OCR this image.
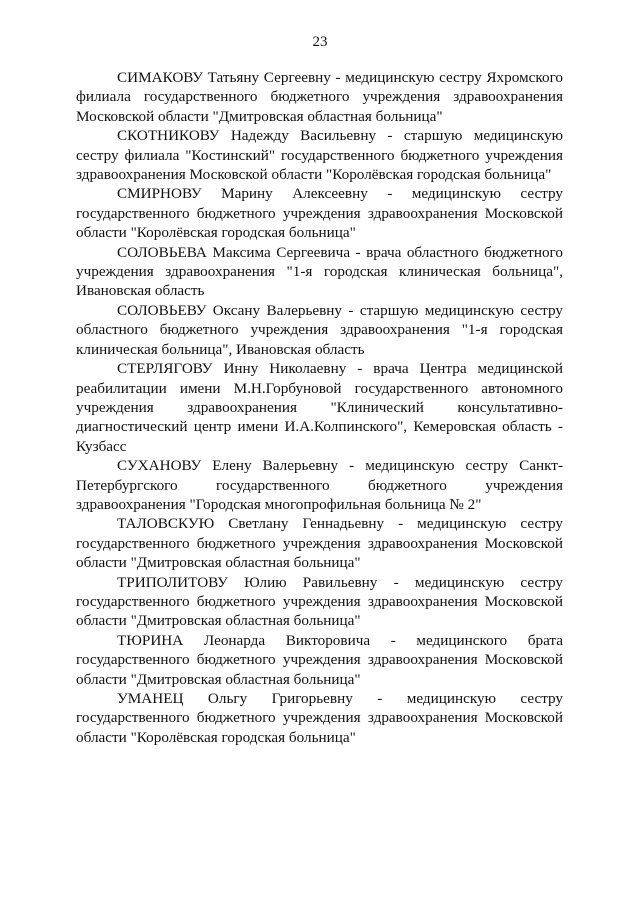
23

СИМАКОВУ Татьяну Сергеевну - медицинскую сестру Яхромского филиала государственного бюджетного учреждения здравоохранения Московской области "Дмитровская областная больница"

СКОТНИКОВУ Надежду Васильевну - старшую медицинскую сестру филиала "Костинский" государственного бюджетного учреждения здравоохранения Московской области "Королёвская городская больница"

СМИРНОВУ Марину Алексеевну - медицинскую сестру государственного бюджетного учреждения здравоохранения Московской области "Королёвская городская больница"

СОЛОВЬЕВА Максима Сергеевича - врача областного бюджетного учреждения здравоохранения "1-я городская клиническая больница", Ивановская область

СОЛОВЬЕВУ Оксану Валерьевну - старшую медицинскую сестру областного бюджетного учреждения здравоохранения "1-я городская клиническая больница", Ивановская область

СТЕРЛЯГОВУ Инну Николаевну - врача Центра медицинской реабилитации имени М.Н.Горбуновой государственного автономного учреждения здравоохранения "Клинический консультативно-диагностический центр имени И.А.Колпинского", Кемеровская область - Кузбасс

СУХАНОВУ Елену Валерьевну - медицинскую сестру Санкт-Петербургского государственного бюджетного учреждения здравоохранения "Городская многопрофильная больница № 2"

ТАЛОВСКУЮ Светлану Геннадьевну - медицинскую сестру государственного бюджетного учреждения здравоохранения Московской области "Дмитровская областная больница"

ТРИПОЛИТОВУ Юлию Равильевну - медицинскую сестру государственного бюджетного учреждения здравоохранения Московской области "Дмитровская областная больница"

ТЮРИНА Леонарда Викторовича - медицинского брата государственного бюджетного учреждения здравоохранения Московской области "Дмитровская областная больница"

УМАНЕЦ Ольгу Григорьевну - медицинскую сестру государственного бюджетного учреждения здравоохранения Московской области "Королёвская городская больница"
